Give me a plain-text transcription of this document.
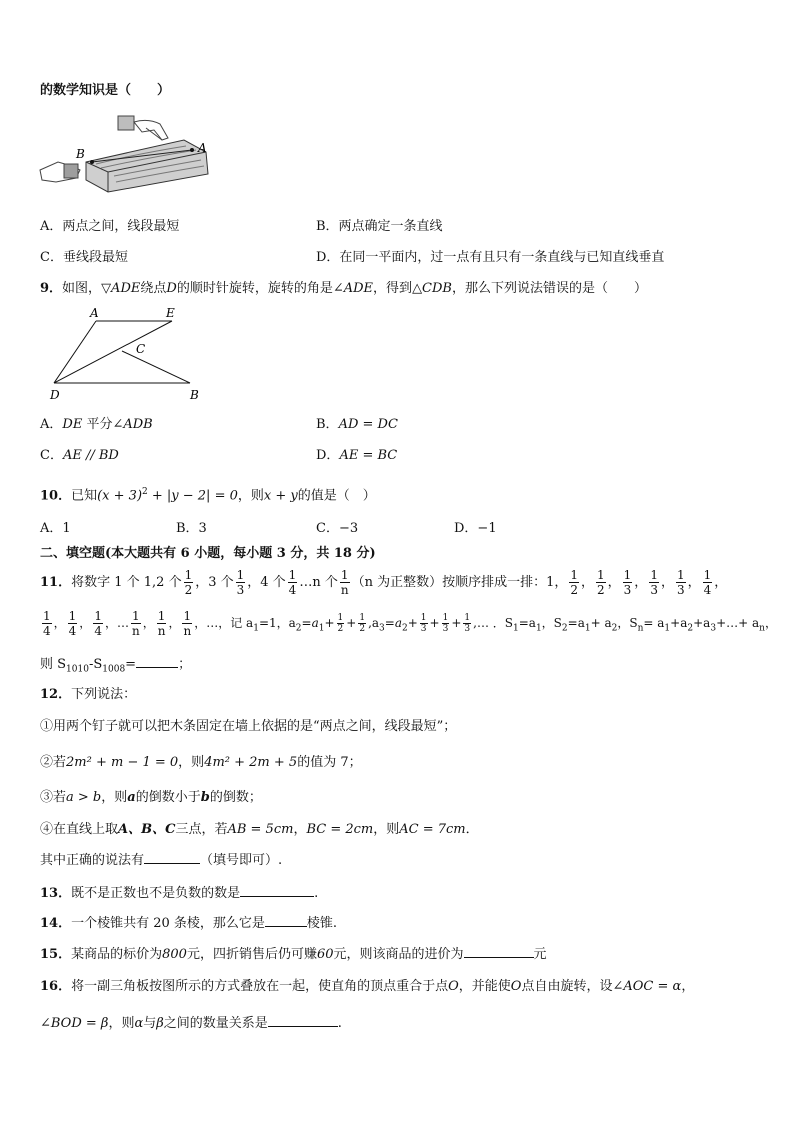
的数学知识是（　　）
B	A
A．两点之间，线段最短	B．两点确定一条直线
C．垂线段最短	D．在同一平面内，过一点有且只有一条直线与已知直线垂直
9．如图，▽ADE绕点D的顺时针旋转，旋转的角是∠ADE，得到△CDB，那么下列说法错误的是（　　）
A	E
C
D	B
A．DE 平分∠ADB	B．AD = DC
C．AE // BD	D．AE = BC
10．已知$(x + 3)^2 + |y - 2| = 0$，则x + y的值是（　）
A．1	B．3	C．−3	D．−1
二、填空题(本大题共有 6 小题，每小题 3 分，共 18 分)
11．将数字 1 个 1,2 个 $\frac{1}{2}$ ，3 个 $\frac{1}{3}$ ，4 个 $\frac{1}{4}$ …n 个 $\frac{1}{n} (n$ 为正整数）按顺序排成一排：1， $\frac{1}{2}$ ， $\frac{1}{2}$ ， $\frac{1}{3}$ ， $\frac{1}{3}$ ， $\frac{1}{3}$ ， $\frac{1}{4}$ ，
$\frac{1}{4}$ ， $\frac{1}{4}$ ， $\frac{1}{4}$ ，… $\frac{1}{n}$ ， $\frac{1}{n}$ ， $\frac{1}{n}$ ，…，记 $a_1=1$，$a_2=a_1+ \frac{1}{2} + \frac{1}{2} ,a_3=a_2+ \frac{1}{3} + \frac{1}{3} + \frac{1}{3}$ ,… ．$S_1=a_1$，$S_2=a_1+ a_2$，$S_n=$ $a_1+a_2+a_3+\dots+ a_n$，
则 $S_{1010}-S_{1008}=$	；
12．下列说法：
①用两个钉子就可以把木条固定在墙上依据的是“两点之间，线段最短”；
②若2m² + m − 1 = 0，则4m² + 2m + 5的值为 7；
③若a > b，则a的倒数小于b的倒数；
④在直线上取A、B、C三点，若AB = 5cm，BC = 2cm，则AC = 7cm．
其中正确的说法有	（填号即可）.
13．既不是正数也不是负数的数是	.
14．一个棱锥共有 20 条棱，那么它是	棱锥.
15．某商品的标价为800元，四折销售后仍可赚60元，则该商品的进价为	元
16．将一副三角板按图所示的方式叠放在一起，使直角的顶点重合于点O，并能使O点自由旋转，设∠AOC = α，
∠BOD = β，则α与β之间的数量关系是	.
